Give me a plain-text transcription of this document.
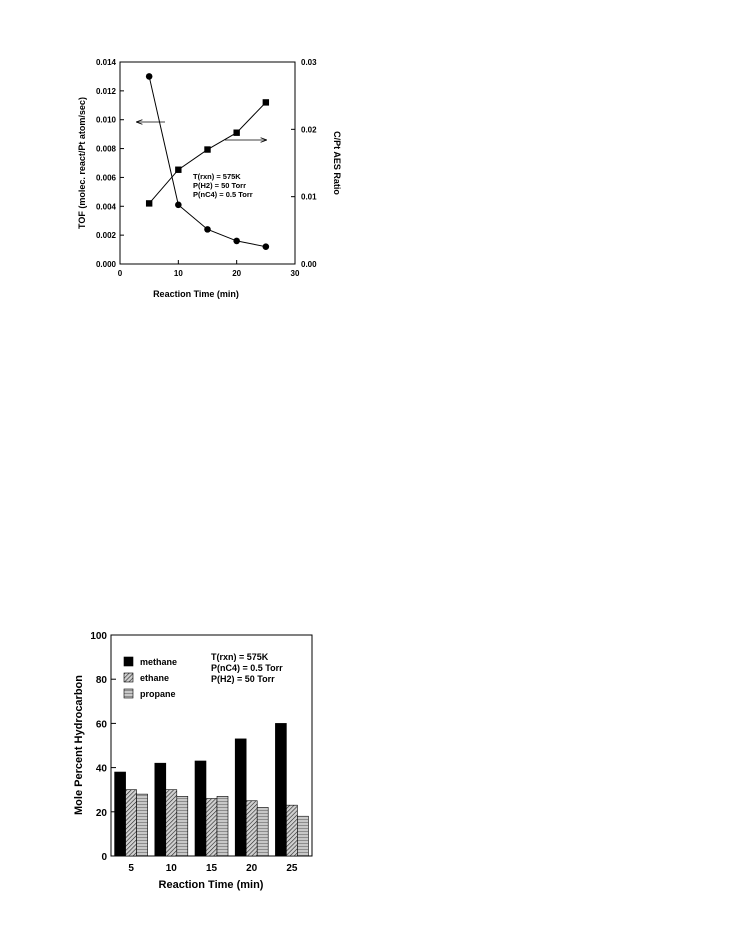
0.000
0.002
0.004
0.006
0.008
0.010
0.012
0.014
0.00
0.01
0.02
0.03
0	10	20	30
T(rxn) = 575K
P(H2) = 50 Torr
P(nC4) = 0.5 Torr
Reaction Time (min)
TOF (molec. react/Pt atom/sec)	C/Pt AES Ratio
0
20
40
60
80
100
5	10	15	20	25
methane
ethane
propane
T(rxn) = 575K
P(nC4) = 0.5 Torr
P(H2) = 50 Torr
Reaction Time (min)
Mole Percent Hydrocarbon
